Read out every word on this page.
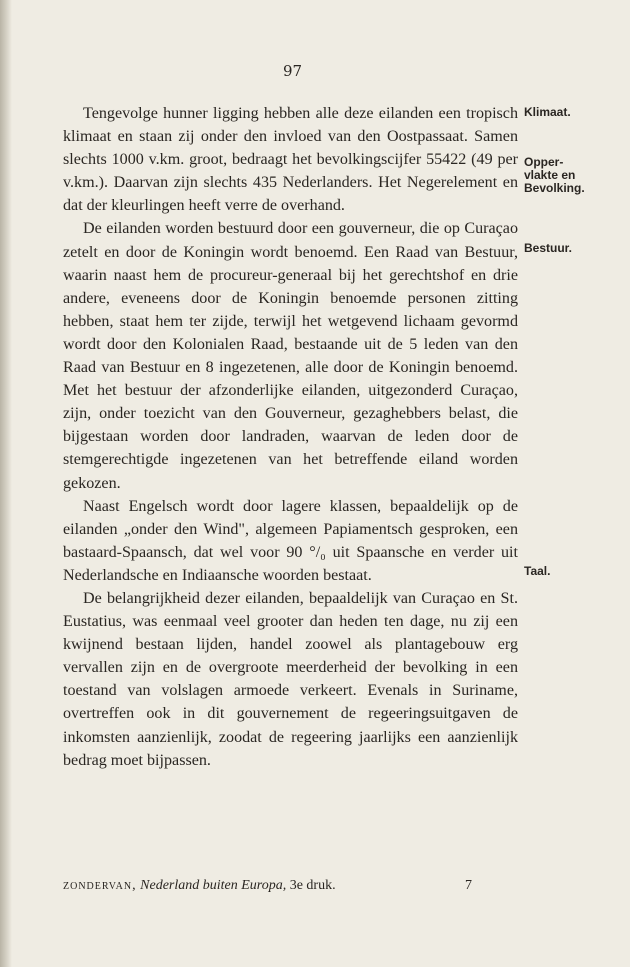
97

Tengevolge hunner ligging hebben alle deze eilanden een tropisch klimaat en staan zij onder den invloed van den Oostpassaat. Samen slechts 1000 v.km. groot, bedraagt het bevolkingscijfer 55422 (49 per v.km.). Daarvan zijn slechts 435 Nederlanders. Het Negerelement en dat der kleurlingen heeft verre de overhand.

De eilanden worden bestuurd door een gouverneur, die op Curaçao zetelt en door de Koningin wordt benoemd. Een Raad van Bestuur, waarin naast hem de procureur-generaal bij het gerechtshof en drie andere, eveneens door de Koningin benoemde personen zitting hebben, staat hem ter zijde, terwijl het wetgevend lichaam gevormd wordt door den Kolonialen Raad, bestaande uit de 5 leden van den Raad van Bestuur en 8 ingezetenen, alle door de Koningin benoemd. Met het bestuur der afzonderlijke eilanden, uitgezonderd Curaçao, zijn, onder toezicht van den Gouverneur, gezaghebbers belast, die bijgestaan worden door landraden, waarvan de leden door de stemgerechtigde ingezetenen van het betreffende eiland worden gekozen.

Naast Engelsch wordt door lagere klassen, bepaaldelijk op de eilanden „onder den Wind", algemeen Papiamentsch gesproken, een bastaard-Spaansch, dat wel voor 90 °/₀ uit Spaansche en verder uit Nederlandsche en Indiaansche woorden bestaat.

De belangrijkheid dezer eilanden, bepaaldelijk van Curaçao en St. Eustatius, was eenmaal veel grooter dan heden ten dage, nu zij een kwijnend bestaan lijden, handel zoowel als plantagebouw erg vervallen zijn en de overgroote meerderheid der bevolking in een toestand van volslagen armoede verkeert. Evenals in Suriname, overtreffen ook in dit gouvernement de regeeringsuitgaven de inkomsten aanzienlijk, zoodat de regeering jaarlijks een aanzienlijk bedrag moet bijpassen.

Klimaat.
Opper-
vlakte en
Bevolking.
Bestuur.
Taal.
zondervan, Nederland buiten Europa, 3e druk.	7
